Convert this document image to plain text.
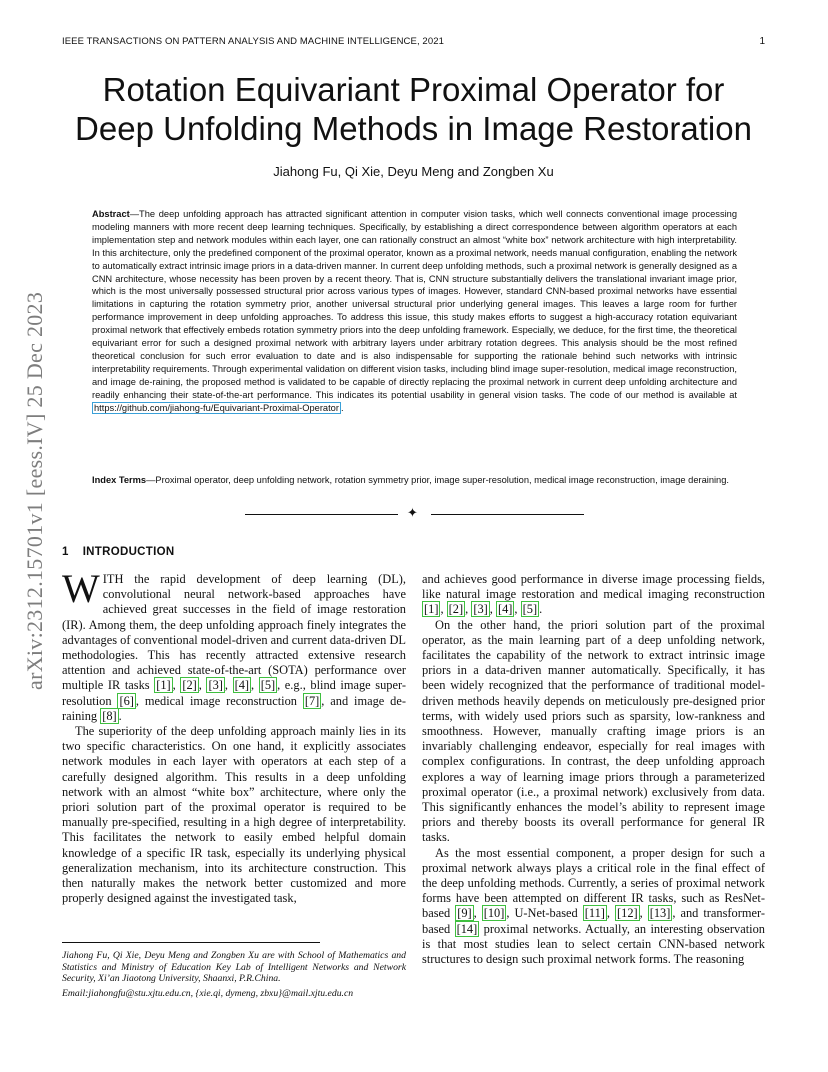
IEEE TRANSACTIONS ON PATTERN ANALYSIS AND MACHINE INTELLIGENCE, 2021	1
arXiv:2312.15701v1 [eess.IV] 25 Dec 2023
Rotation Equivariant Proximal Operator for
Deep Unfolding Methods in Image Restoration
Jiahong Fu, Qi Xie, Deyu Meng and Zongben Xu
Abstract—The deep unfolding approach has attracted significant attention in computer vision tasks, which well connects conventional image processing modeling manners with more recent deep learning techniques. Specifically, by establishing a direct correspondence between algorithm operators at each implementation step and network modules within each layer, one can rationally construct an almost “white box” network architecture with high interpretability. In this architecture, only the predefined component of the proximal operator, known as a proximal network, needs manual configuration, enabling the network to automatically extract intrinsic image priors in a data-driven manner. In current deep unfolding methods, such a proximal network is generally designed as a CNN architecture, whose necessity has been proven by a recent theory. That is, CNN structure substantially delivers the translational invariant image prior, which is the most universally possessed structural prior across various types of images. However, standard CNN-based proximal networks have essential limitations in capturing the rotation symmetry prior, another universal structural prior underlying general images. This leaves a large room for further performance improvement in deep unfolding approaches. To address this issue, this study makes efforts to suggest a high-accuracy rotation equivariant proximal network that effectively embeds rotation symmetry priors into the deep unfolding framework. Especially, we deduce, for the first time, the theoretical equivariant error for such a designed proximal network with arbitrary layers under arbitrary rotation degrees. This analysis should be the most refined theoretical conclusion for such error evaluation to date and is also indispensable for supporting the rationale behind such networks with intrinsic interpretability requirements. Through experimental validation on different vision tasks, including blind image super-resolution, medical image reconstruction, and image de-raining, the proposed method is validated to be capable of directly replacing the proximal network in current deep unfolding architecture and readily enhancing their state-of-the-art performance. This indicates its potential usability in general vision tasks. The code of our method is available at https://github.com/jiahong-fu/Equivariant-Proximal-Operator .
Index Terms—Proximal operator, deep unfolding network, rotation symmetry prior, image super-resolution, medical image reconstruction, image deraining.
✦
1 INTRODUCTION

WITH the rapid development of deep learning (DL), convolutional neural network-based approaches have achieved great successes in the field of image restoration (IR). Among them, the deep unfolding approach finely integrates the advantages of conventional model-driven and current data-driven DL methodologies. This has recently attracted extensive research attention and achieved state-of-the-art (SOTA) performance over multiple IR tasks [1] , [2] , [3] , [4] , [5] , e.g., blind image super-resolution [6] , medical image reconstruction [7] , and image de-raining [8] .

The superiority of the deep unfolding approach mainly lies in its two specific characteristics. On one hand, it explicitly associates network modules in each layer with operators at each step of a carefully designed algorithm. This results in a deep unfolding network with an almost “white box” architecture, where only the priori solution part of the proximal operator is required to be manually pre-specified, resulting in a high degree of interpretability. This facilitates the network to easily embed helpful domain knowledge of a specific IR task, especially its underlying physical generalization mechanism, into its architecture construction. This then naturally makes the network better customized and more properly designed against the investigated task,

and achieves good performance in diverse image processing fields, like natural image restoration and medical imaging reconstruction [1] , [2] , [3] , [4] , [5] .

On the other hand, the priori solution part of the proximal operator, as the main learning part of a deep unfolding network, facilitates the capability of the network to extract intrinsic image priors in a data-driven manner automatically. Specifically, it has been widely recognized that the performance of traditional model-driven methods heavily depends on meticulously pre-designed prior terms, with widely used priors such as sparsity, low-rankness and smoothness. However, manually crafting image priors is an invariably challenging endeavor, especially for real images with complex configurations. In contrast, the deep unfolding approach explores a way of learning image priors through a parameterized proximal operator (i.e., a proximal network) exclusively from data. This significantly enhances the model’s ability to represent image priors and thereby boosts its overall performance for general IR tasks.

As the most essential component, a proper design for such a proximal network always plays a critical role in the final effect of the deep unfolding methods. Currently, a series of proximal network forms have been attempted on different IR tasks, such as ResNet-based [9] , [10] , U-Net-based [11] , [12] , [13] , and transformer-based [14] proximal networks. Actually, an interesting observation is that most studies lean to select certain CNN-based network structures to design such proximal network forms. The reasoning

Jiahong Fu, Qi Xie, Deyu Meng and Zongben Xu are with School of Mathematics and Statistics and Ministry of Education Key Lab of Intelligent Networks and Network Security, Xi’an Jiaotong University, Shaanxi, P.R.China.

Email:jiahongfu@stu.xjtu.edu.cn, {xie.qi, dymeng, zbxu}@mail.xjtu.edu.cn
